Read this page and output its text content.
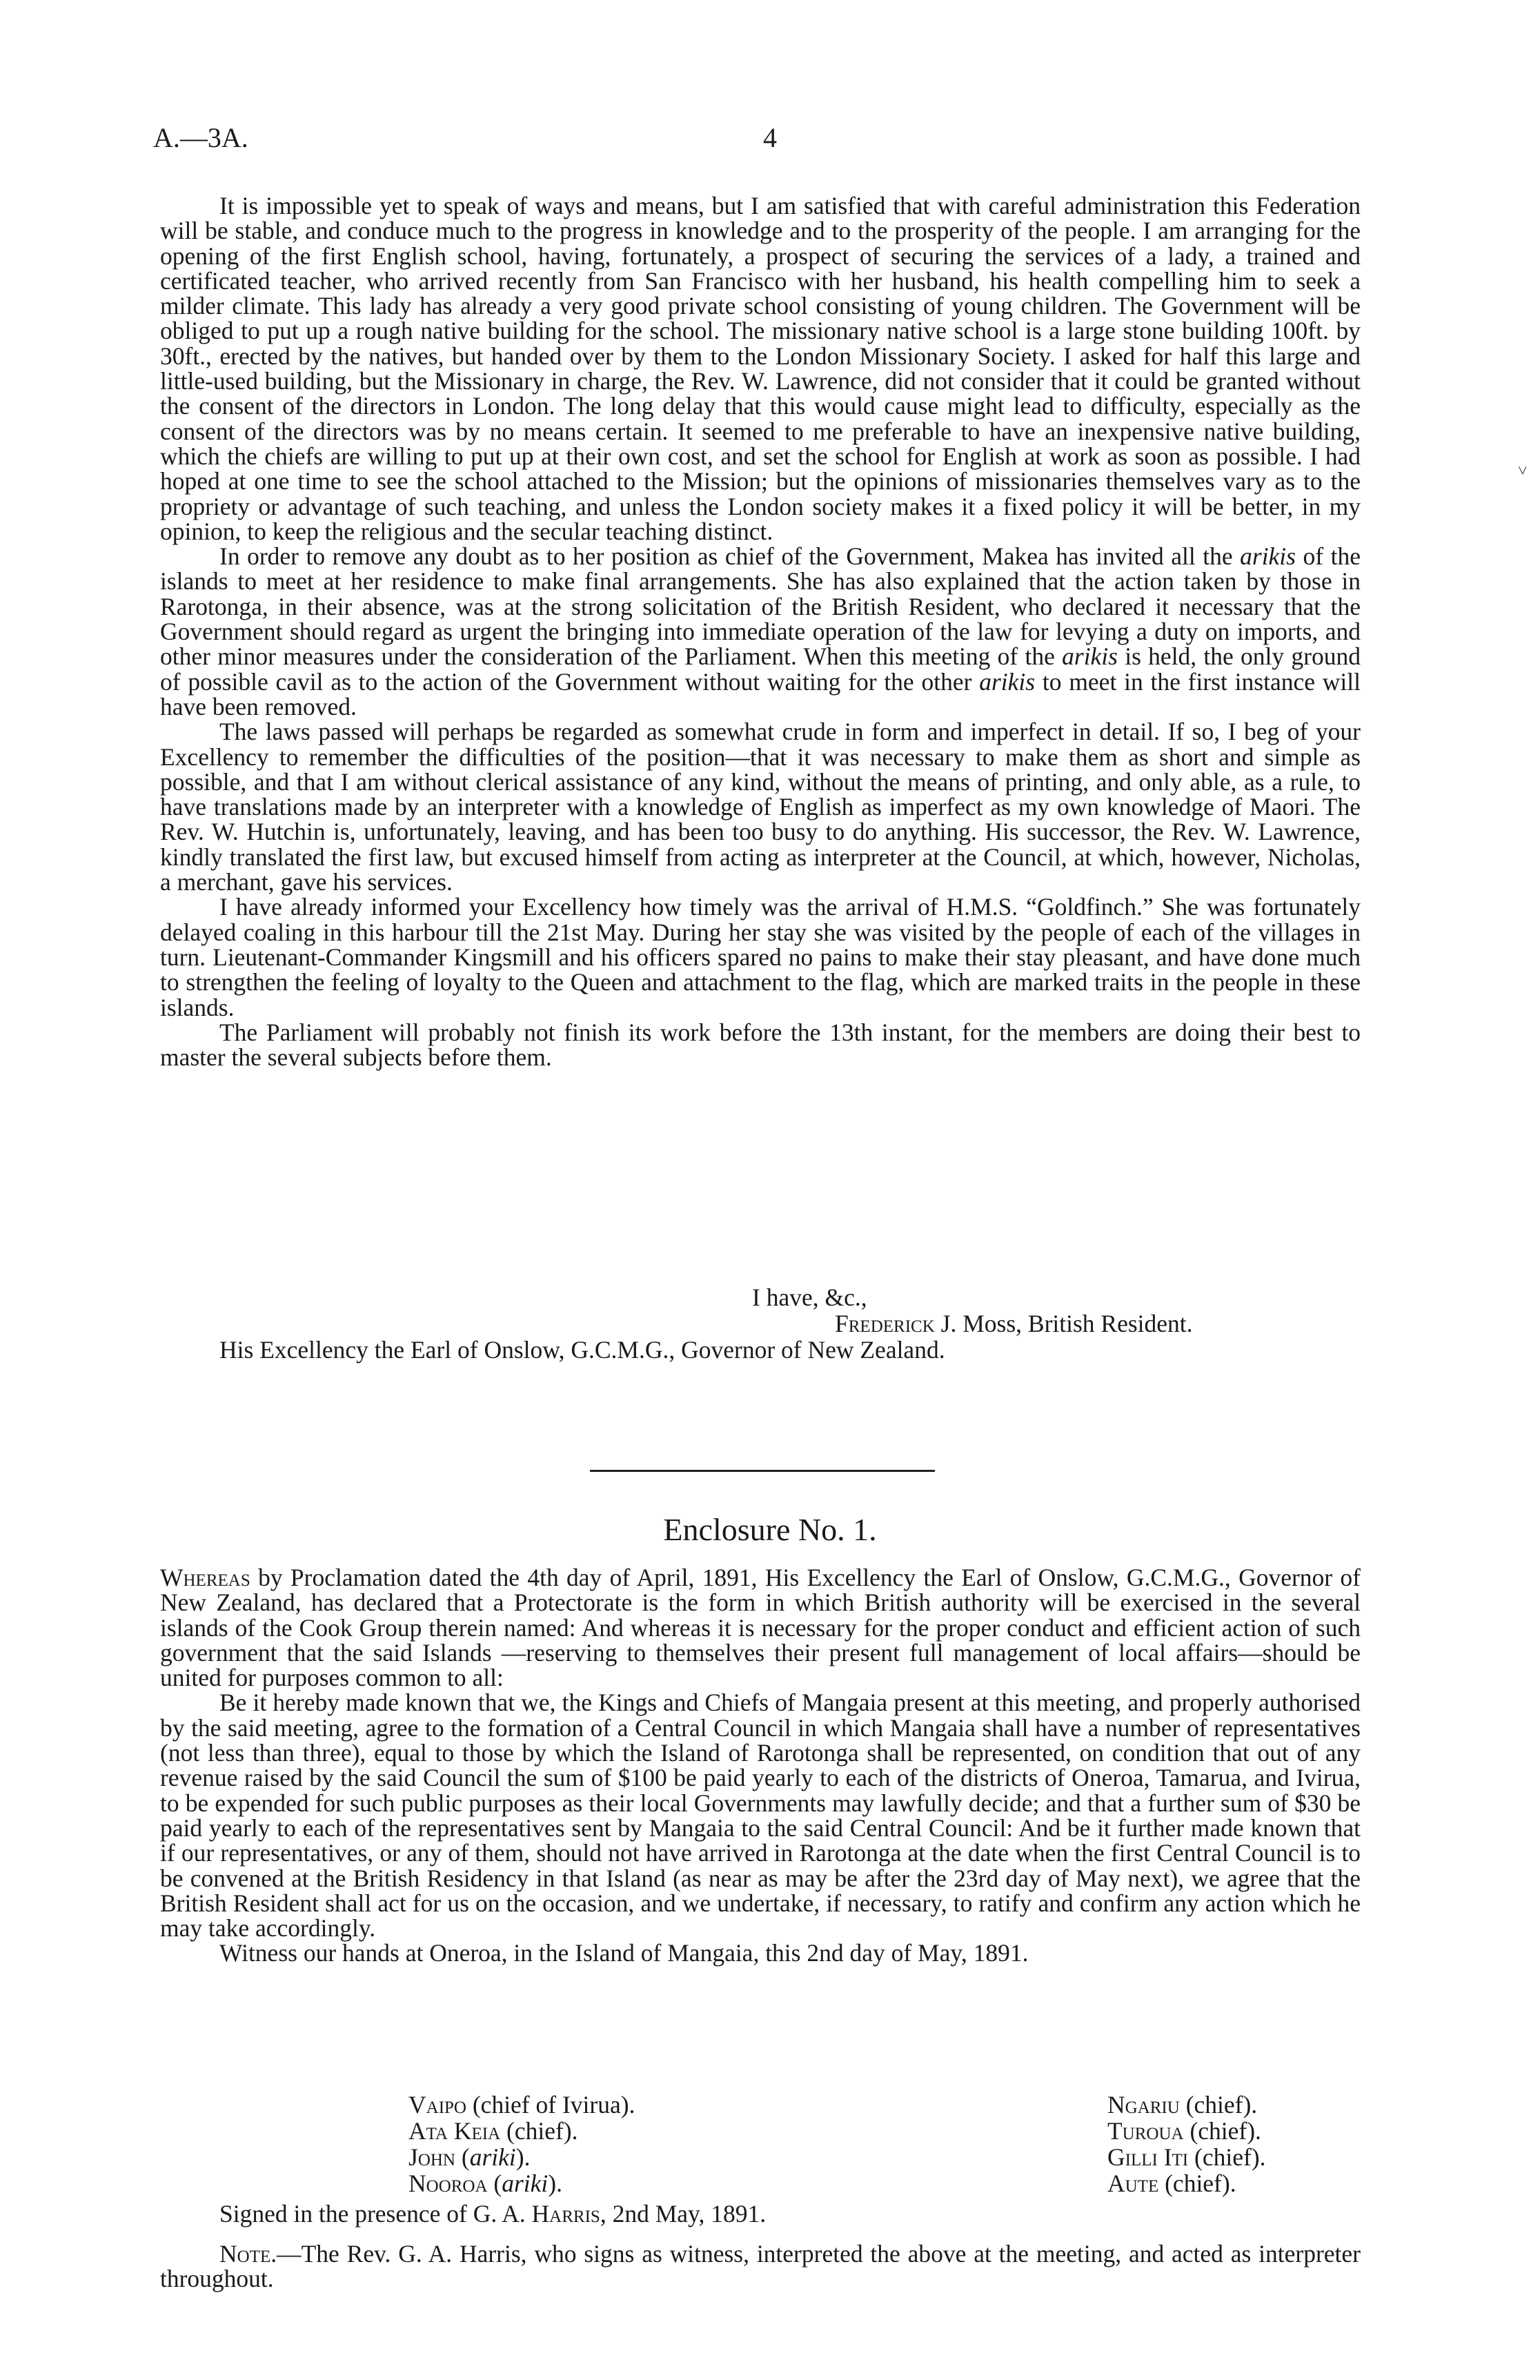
A.—3A.	4
˅

It is impossible yet to speak of ways and means, but I am satisfied that with careful administration this Federation will be stable, and conduce much to the progress in knowledge and to the prosperity of the people. I am arranging for the opening of the first English school, having, fortunately, a prospect of securing the services of a lady, a trained and certificated teacher, who arrived recently from San Francisco with her husband, his health compelling him to seek a milder climate. This lady has already a very good private school consisting of young children. The Government will be obliged to put up a rough native building for the school. The missionary native school is a large stone building 100ft. by 30ft., erected by the natives, but handed over by them to the London Missionary Society. I asked for half this large and little-used building, but the Missionary in charge, the Rev. W. Lawrence, did not consider that it could be granted without the consent of the directors in London. The long delay that this would cause might lead to difficulty, especially as the consent of the directors was by no means certain. It seemed to me preferable to have an inexpensive native building, which the chiefs are willing to put up at their own cost, and set the school for English at work as soon as possible. I had hoped at one time to see the school attached to the Mission; but the opinions of missionaries themselves vary as to the propriety or advantage of such teaching, and unless the London society makes it a fixed policy it will be better, in my opinion, to keep the religious and the secular teaching distinct.

In order to remove any doubt as to her position as chief of the Government, Makea has invited all the arikis of the islands to meet at her residence to make final arrangements. She has also explained that the action taken by those in Rarotonga, in their absence, was at the strong solicitation of the British Resident, who declared it necessary that the Government should regard as urgent the bringing into immediate operation of the law for levying a duty on imports, and other minor measures under the consideration of the Parliament. When this meeting of the arikis is held, the only ground of possible cavil as to the action of the Government without waiting for the other arikis to meet in the first instance will have been removed.

The laws passed will perhaps be regarded as somewhat crude in form and imperfect in detail. If so, I beg of your Excellency to remember the difficulties of the position—that it was necessary to make them as short and simple as possible, and that I am without clerical assistance of any kind, without the means of printing, and only able, as a rule, to have translations made by an interpreter with a knowledge of English as imperfect as my own knowledge of Maori. The Rev. W. Hutchin is, unfortunately, leaving, and has been too busy to do anything. His successor, the Rev. W. Lawrence, kindly translated the first law, but excused himself from acting as interpreter at the Council, at which, however, Nicholas, a merchant, gave his services.

I have already informed your Excellency how timely was the arrival of H.M.S. “Goldfinch.” She was fortunately delayed coaling in this harbour till the 21st May. During her stay she was visited by the people of each of the villages in turn. Lieutenant-Commander Kingsmill and his officers spared no pains to make their stay pleasant, and have done much to strengthen the feeling of loyalty to the Queen and attachment to the flag, which are marked traits in the people in these islands.

The Parliament will probably not finish its work before the 13th instant, for the members are doing their best to master the several subjects before them.

I have, &c.,
Frederick J. Moss, British Resident.
His Excellency the Earl of Onslow, G.C.M.G., Governor of New Zealand.
Enclosure No. 1.

Whereas by Proclamation dated the 4th day of April, 1891, His Excellency the Earl of Onslow, G.C.M.G., Governor of New Zealand, has declared that a Protectorate is the form in which British authority will be exercised in the several islands of the Cook Group therein named: And whereas it is necessary for the proper conduct and efficient action of such government that the said Islands —reserving to themselves their present full management of local affairs—should be united for purposes common to all:

Be it hereby made known that we, the Kings and Chiefs of Mangaia present at this meeting, and properly authorised by the said meeting, agree to the formation of a Central Council in which Mangaia shall have a number of representatives (not less than three), equal to those by which the Island of Rarotonga shall be represented, on condition that out of any revenue raised by the said Council the sum of $100 be paid yearly to each of the districts of Oneroa, Tamarua, and Ivirua, to be expended for such public purposes as their local Governments may lawfully decide; and that a further sum of $30 be paid yearly to each of the representatives sent by Mangaia to the said Central Council: And be it further made known that if our representatives, or any of them, should not have arrived in Rarotonga at the date when the first Central Council is to be convened at the British Residency in that Island (as near as may be after the 23rd day of May next), we agree that the British Resident shall act for us on the occasion, and we undertake, if necessary, to ratify and confirm any action which he may take accordingly.

Witness our hands at Oneroa, in the Island of Mangaia, this 2nd day of May, 1891.

Vaipo (chief of Ivirua).
Ata Keia (chief).
John (ariki).
Nooroa (ariki).
Ngariu (chief).
Turoua (chief).
Gilli Iti (chief).
Aute (chief).
Signed in the presence of G. A. Harris, 2nd May, 1891.

Note.—The Rev. G. A. Harris, who signs as witness, interpreted the above at the meeting, and acted as interpreter throughout.
